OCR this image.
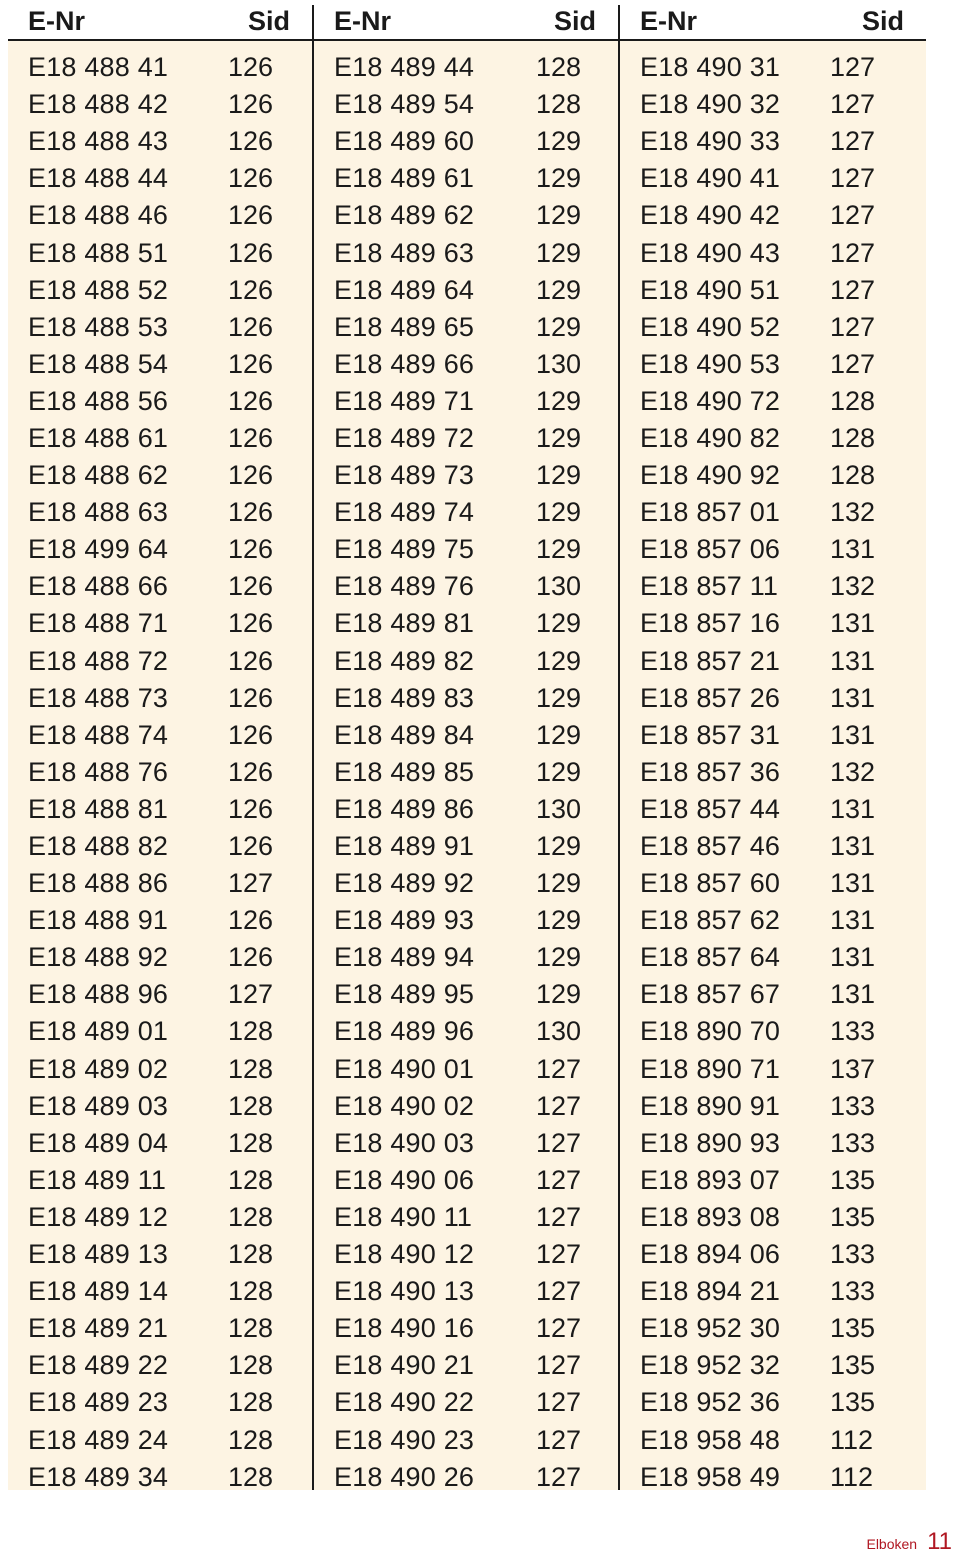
E-Nr	Sid
E18 488 41	126
E18 488 42	126
E18 488 43	126
E18 488 44	126
E18 488 46	126
E18 488 51	126
E18 488 52	126
E18 488 53	126
E18 488 54	126
E18 488 56	126
E18 488 61	126
E18 488 62	126
E18 488 63	126
E18 499 64	126
E18 488 66	126
E18 488 71	126
E18 488 72	126
E18 488 73	126
E18 488 74	126
E18 488 76	126
E18 488 81	126
E18 488 82	126
E18 488 86	127
E18 488 91	126
E18 488 92	126
E18 488 96	127
E18 489 01	128
E18 489 02	128
E18 489 03	128
E18 489 04	128
E18 489 11	128
E18 489 12	128
E18 489 13	128
E18 489 14	128
E18 489 21	128
E18 489 22	128
E18 489 23	128
E18 489 24	128
E18 489 34	128
E-Nr	Sid
E18 489 44	128
E18 489 54	128
E18 489 60	129
E18 489 61	129
E18 489 62	129
E18 489 63	129
E18 489 64	129
E18 489 65	129
E18 489 66	130
E18 489 71	129
E18 489 72	129
E18 489 73	129
E18 489 74	129
E18 489 75	129
E18 489 76	130
E18 489 81	129
E18 489 82	129
E18 489 83	129
E18 489 84	129
E18 489 85	129
E18 489 86	130
E18 489 91	129
E18 489 92	129
E18 489 93	129
E18 489 94	129
E18 489 95	129
E18 489 96	130
E18 490 01	127
E18 490 02	127
E18 490 03	127
E18 490 06	127
E18 490 11	127
E18 490 12	127
E18 490 13	127
E18 490 16	127
E18 490 21	127
E18 490 22	127
E18 490 23	127
E18 490 26	127
E-Nr	Sid
E18 490 31	127
E18 490 32	127
E18 490 33	127
E18 490 41	127
E18 490 42	127
E18 490 43	127
E18 490 51	127
E18 490 52	127
E18 490 53	127
E18 490 72	128
E18 490 82	128
E18 490 92	128
E18 857 01	132
E18 857 06	131
E18 857 11	132
E18 857 16	131
E18 857 21	131
E18 857 26	131
E18 857 31	131
E18 857 36	132
E18 857 44	131
E18 857 46	131
E18 857 60	131
E18 857 62	131
E18 857 64	131
E18 857 67	131
E18 890 70	133
E18 890 71	137
E18 890 91	133
E18 890 93	133
E18 893 07	135
E18 893 08	135
E18 894 06	133
E18 894 21	133
E18 952 30	135
E18 952 32	135
E18 952 36	135
E18 958 48	112
E18 958 49	112
Elboken 11
